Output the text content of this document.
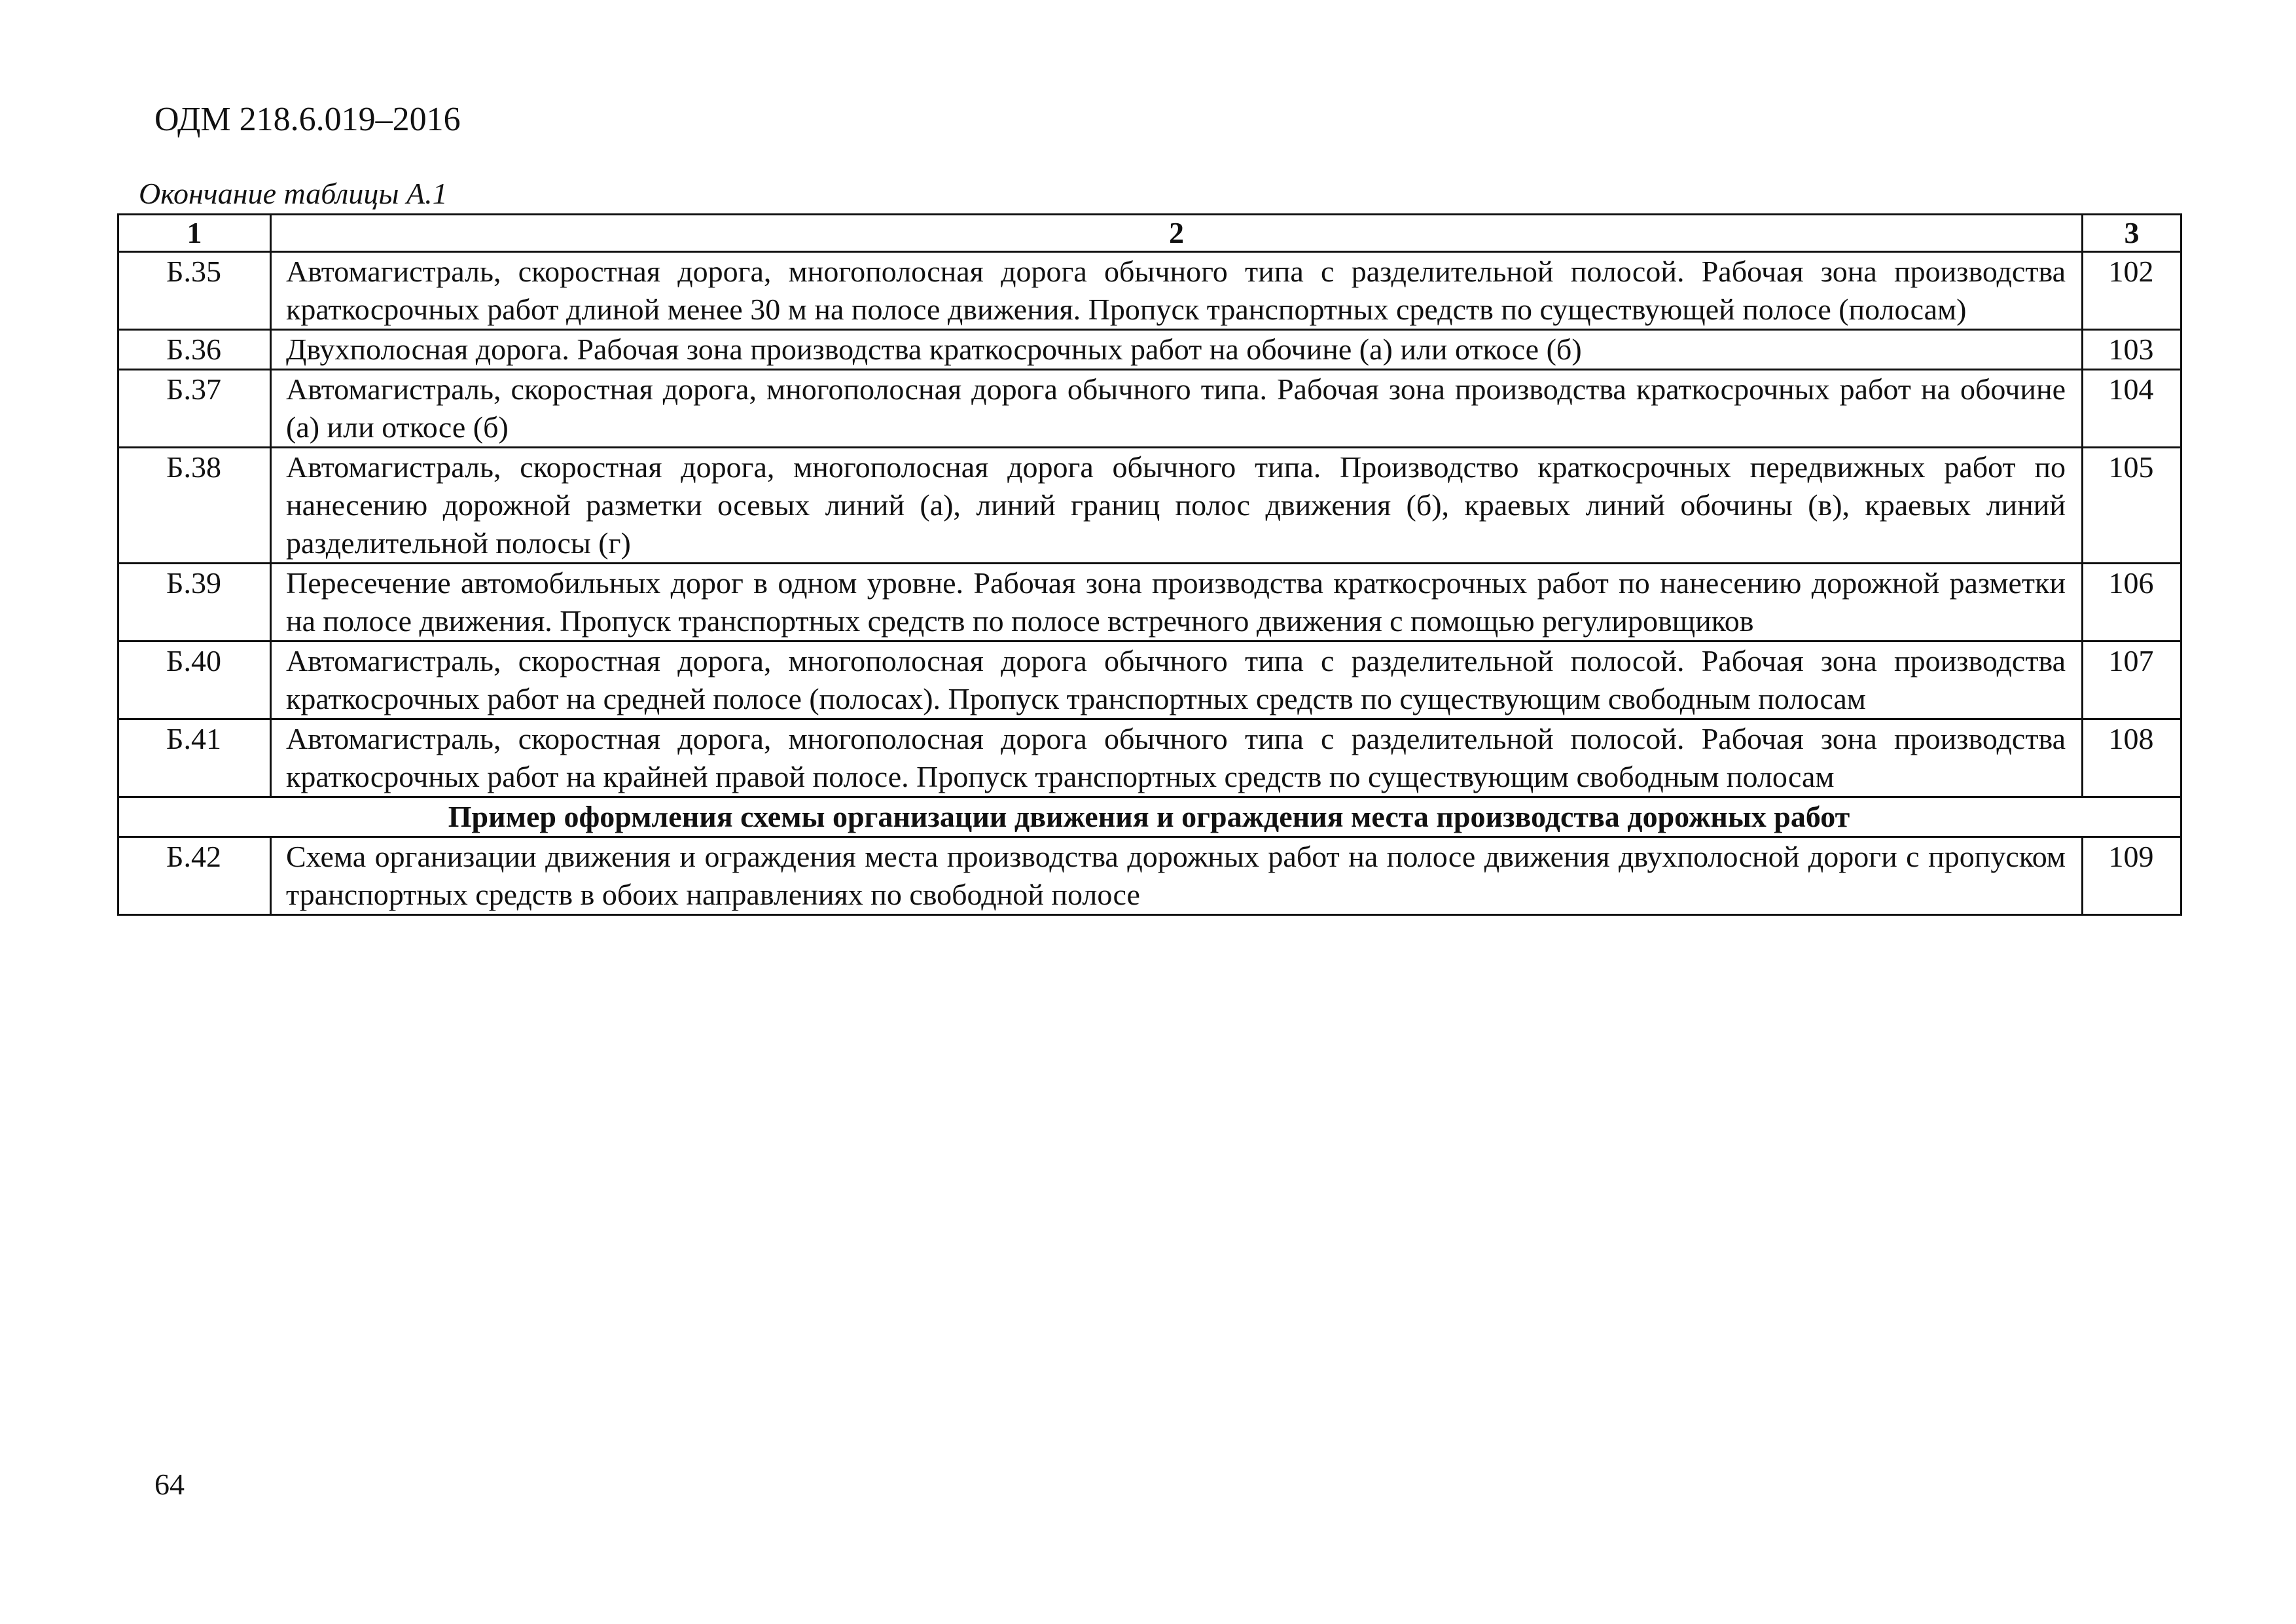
ОДМ 218.6.019–2016
Окончание таблицы А.1
1	2	3
Б.35	Автомагистраль, скоростная дорога, многополосная дорога обычного типа с разделительной полосой. Рабочая зона производства краткосрочных работ длиной менее 30 м на полосе движения. Пропуск транспортных средств по существующей полосе (полосам)	102
Б.36	Двухполосная дорога. Рабочая зона производства краткосрочных работ на обочине (а) или откосе (б)	103
Б.37	Автомагистраль, скоростная дорога, многополосная дорога обычного типа. Рабочая зона производства краткосрочных работ на обочине (а) или откосе (б)	104
Б.38	Автомагистраль, скоростная дорога, многополосная дорога обычного типа. Производство краткосрочных передвижных работ по нанесению дорожной разметки осевых линий (а), линий границ полос движения (б), краевых линий обочины (в), краевых линий разделительной полосы (г)	105
Б.39	Пересечение автомобильных дорог в одном уровне. Рабочая зона производства краткосрочных работ по нанесению дорожной разметки на полосе движения. Пропуск транспортных средств по полосе встречного движения с помощью регулировщиков	106
Б.40	Автомагистраль, скоростная дорога, многополосная дорога обычного типа с разделительной полосой. Рабочая зона производства краткосрочных работ на средней полосе (полосах). Пропуск транспортных средств по существующим свободным полосам	107
Б.41	Автомагистраль, скоростная дорога, многополосная дорога обычного типа с разделительной полосой. Рабочая зона производства краткосрочных работ на крайней правой полосе. Пропуск транспортных средств по существующим свободным полосам	108
Пример оформления схемы организации движения и ограждения места производства дорожных работ		
Б.42	Схема организации движения и ограждения места производства дорожных работ на полосе движения двухполосной дороги с пропуском транспортных средств в обоих направлениях по свободной полосе	109
64
